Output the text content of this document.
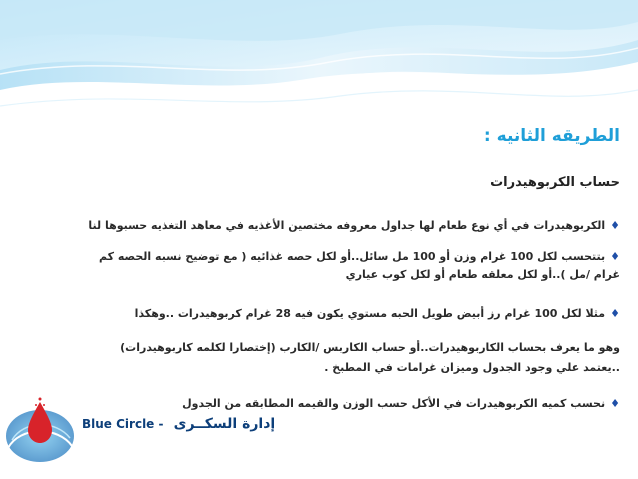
الطريقه الثانيه :
حساب الكربوهيدرات
♦الكربوهيدرات في أي نوع طعام لها جداول معروفه مختصين الأغذيه في معاهد التغذيه حسبوها لنا
♦بتتحسب لكل 100 غرام وزن أو 100 مل سائل..أو لكل حصه غذائيه ( مع توضيح نسبه الحصه كم
غرام /مل )..أو لكل معلقه طعام أو لكل كوب عياري
♦مثلا لكل 100 غرام رز أبيض طويل الحبه مستوي يكون فيه 28 غرام كربوهيدرات ..وهكذا
وهو ما يعرف بحساب الكاربوهيدرات..أو حساب الكاربس /الكارب (إختصارا لكلمه كاربوهيدرات)
..يعتمد علي وجود الجدول وميزان غرامات في المطبخ .
♦نحسب كميه الكربوهيدرات في الأكل حسب الوزن والقيمه المطابقه من الجدول
Blue Circle - إدارة السكــرى
